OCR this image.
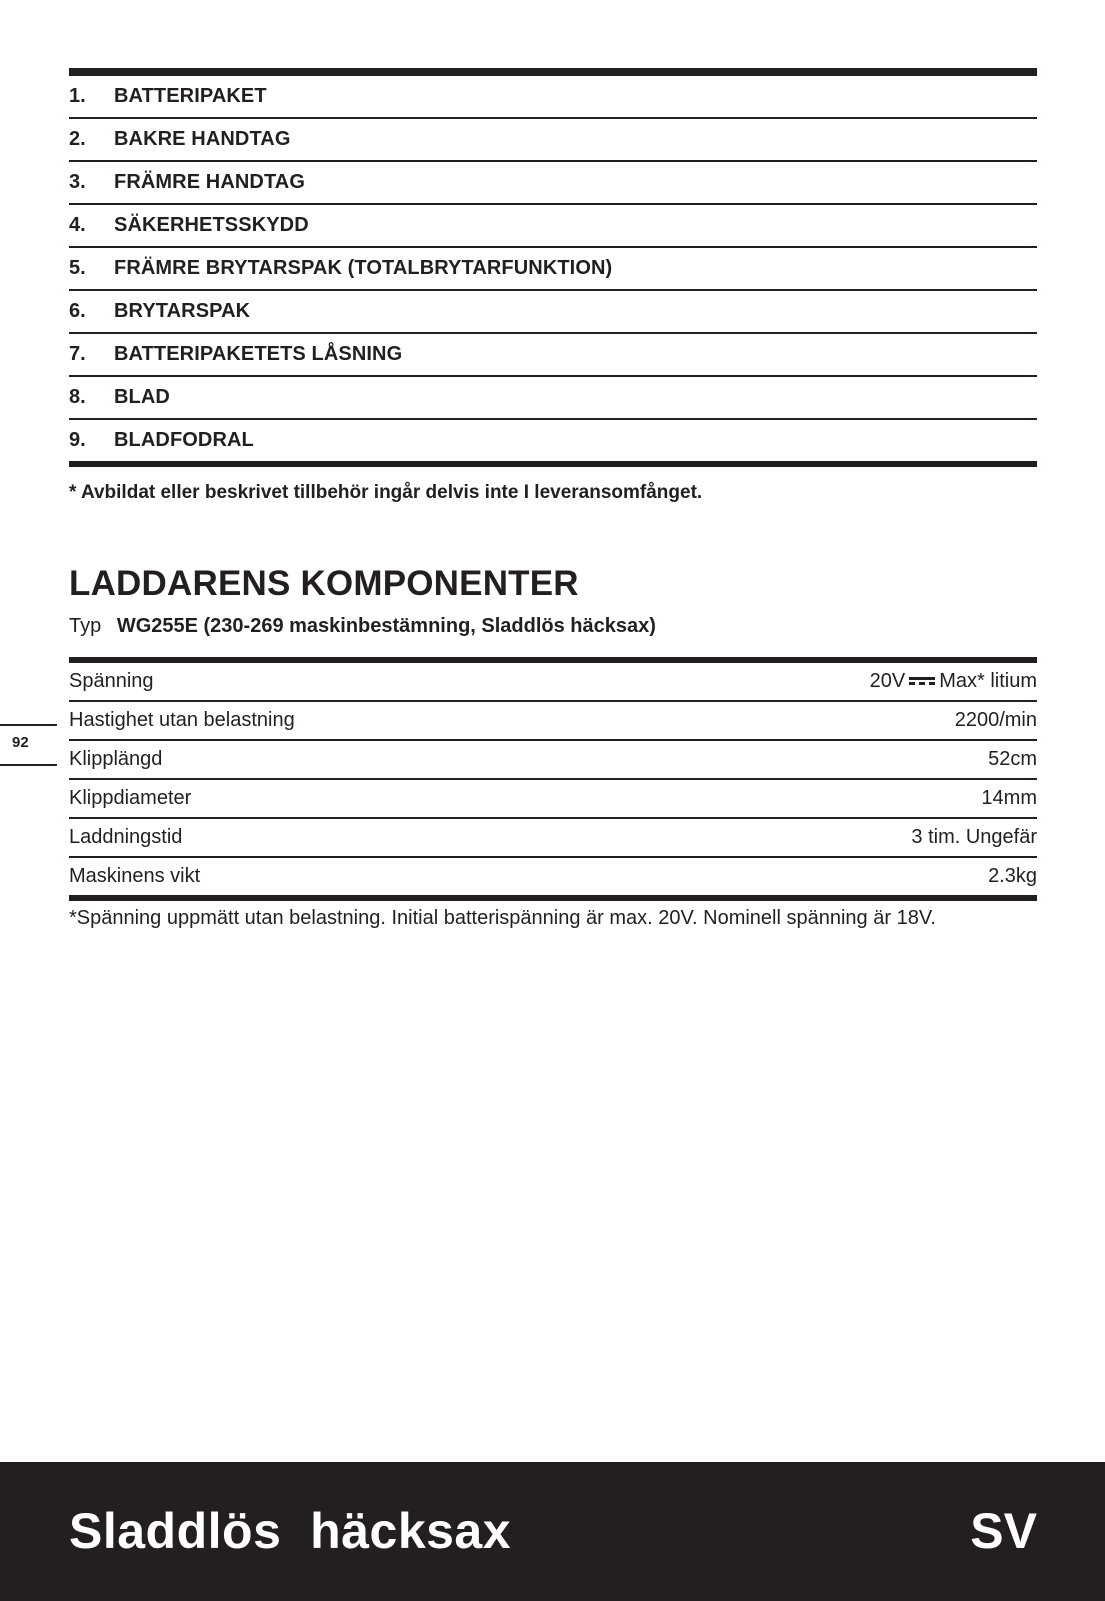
1.	BATTERIPAKET
2.	BAKRE HANDTAG
3.	FRÄMRE HANDTAG
4.	SÄKERHETSSKYDD
5.	FRÄMRE BRYTARSPAK (TOTALBRYTARFUNKTION)
6.	BRYTARSPAK
7.	BATTERIPAKETETS LÅSNING
8.	BLAD
9.	BLADFODRAL
* Avbildat eller beskrivet tillbehör ingår delvis inte I leveransomfånget.
LADDARENS KOMPONENTER
Typ WG255E (230-269 maskinbestämning, Sladdlös häcksax)
Spänning	20V Max* litium
Hastighet utan belastning	2200/min
Klipplängd	52cm
Klippdiameter	14mm
Laddningstid	3 tim. Ungefär
Maskinens vikt	2.3kg
*Spänning uppmätt utan belastning. Initial batterispänning är max. 20V. Nominell spänning är 18V.
92
Sladdlös  häcksax	SV
